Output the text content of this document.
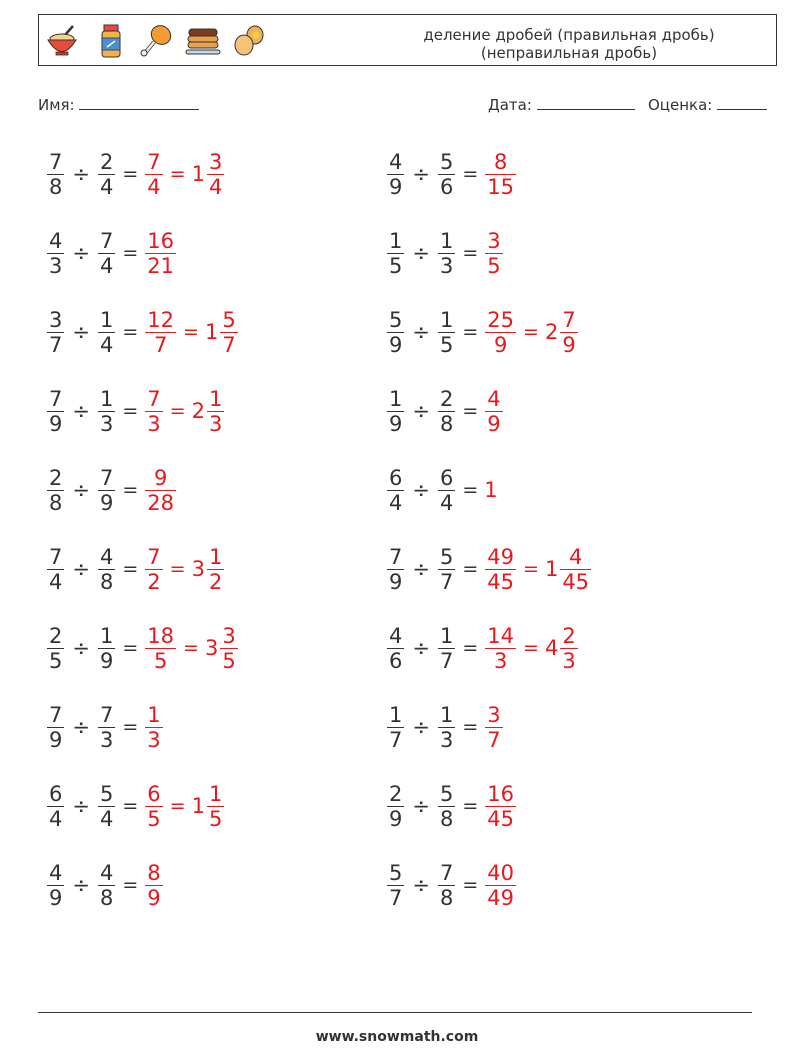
деление дробей (правильная дробь)
(неправильная дробь)
Имя:	Дата:	Оценка:
$\frac{7}{8} \div \frac{2}{4} = \frac{7}{4} = 1 \frac{3}{4}$	$\frac{4}{9} \div \frac{5}{6} = \frac{8}{15}$
$\frac{4}{3} \div \frac{7}{4} = \frac{16}{21}$	$\frac{1}{5} \div \frac{1}{3} = \frac{3}{5}$
$\frac{3}{7} \div \frac{1}{4} = \frac{12}{7} = 1 \frac{5}{7}$	$\frac{5}{9} \div \frac{1}{5} = \frac{25}{9} = 2 \frac{7}{9}$
$\frac{7}{9} \div \frac{1}{3} = \frac{7}{3} = 2 \frac{1}{3}$	$\frac{1}{9} \div \frac{2}{8} = \frac{4}{9}$
$\frac{2}{8} \div \frac{7}{9} = \frac{9}{28}$	$\frac{6}{4} \div \frac{6}{4} = 1$
$\frac{7}{4} \div \frac{4}{8} = \frac{7}{2} = 3 \frac{1}{2}$	$\frac{7}{9} \div \frac{5}{7} = \frac{49}{45} = 1 \frac{4}{45}$
$\frac{2}{5} \div \frac{1}{9} = \frac{18}{5} = 3 \frac{3}{5}$	$\frac{4}{6} \div \frac{1}{7} = \frac{14}{3} = 4 \frac{2}{3}$
$\frac{7}{9} \div \frac{7}{3} = \frac{1}{3}$	$\frac{1}{7} \div \frac{1}{3} = \frac{3}{7}$
$\frac{6}{4} \div \frac{5}{4} = \frac{6}{5} = 1 \frac{1}{5}$	$\frac{2}{9} \div \frac{5}{8} = \frac{16}{45}$
$\frac{4}{9} \div \frac{4}{8} = \frac{8}{9}$	$\frac{5}{7} \div \frac{7}{8} = \frac{40}{49}$
www.snowmath.com
